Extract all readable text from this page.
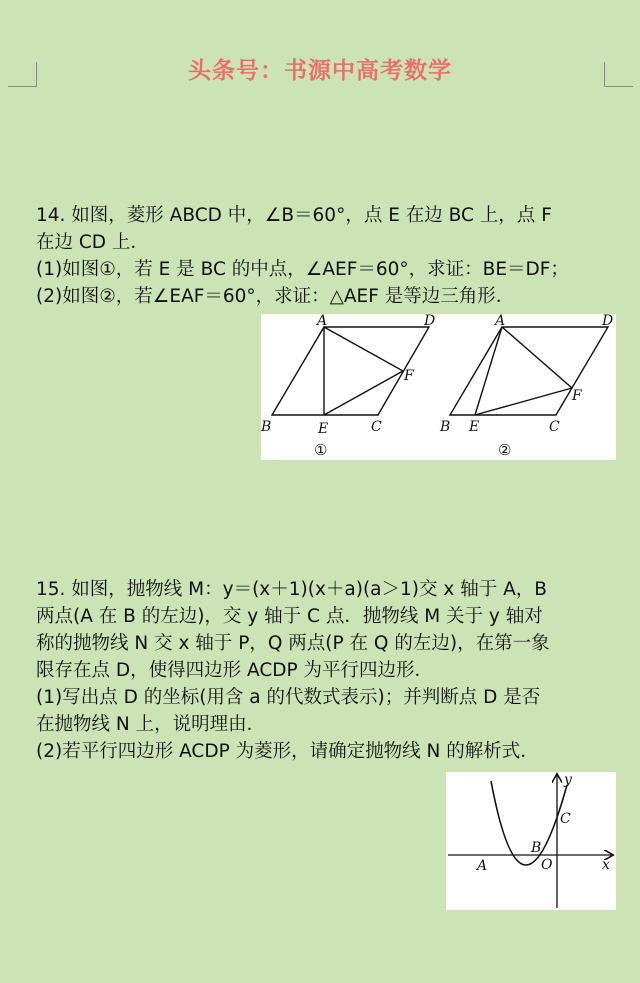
头条号：书源中高考数学

14. 如图，菱形 ABCD 中，∠B＝60°，点 E 在边 BC 上，点 F

在边 CD 上．

(1)如图①，若 E 是 BC 的中点，∠AEF＝60°，求证：BE＝DF；

(2)如图②，若∠EAF＝60°，求证：△AEF 是等边三角形．

A	D
F
B	E	C
①
A	D
F
B E	C
②

15. 如图，抛物线 M：y＝(x＋1)(x＋a)(a＞1)交 x 轴于 A，B

两点(A 在 B 的左边)，交 y 轴于 C 点．抛物线 M 关于 y 轴对

称的抛物线 N 交 x 轴于 P，Q 两点(P 在 Q 的左边)，在第一象

限存在点 D，使得四边形 ACDP 为平行四边形．

(1)写出点 D 的坐标(用含 a 的代数式表示)；并判断点 D 是否

在抛物线 N 上，说明理由．

(2)若平行四边形 ACDP 为菱形，请确定抛物线 N 的解析式．

y
x
A
B
C
O
